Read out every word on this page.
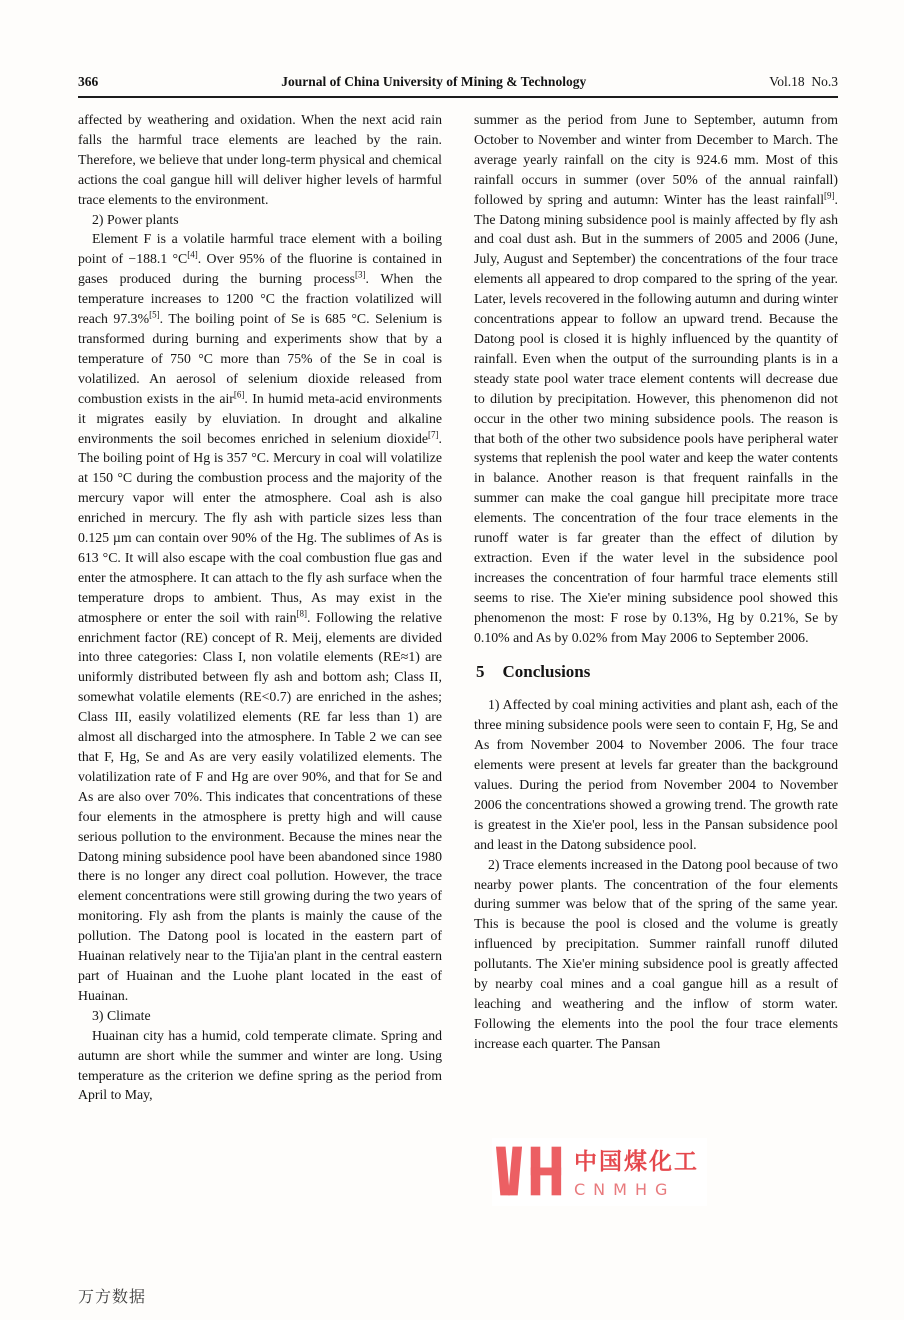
366	Journal of China University of Mining & Technology	Vol.18  No.3

affected by weathering and oxidation. When the next acid rain falls the harmful trace elements are leached by the rain. Therefore, we believe that under long-term physical and chemical actions the coal gangue hill will deliver higher levels of harmful trace elements to the environment.

2) Power plants

Element F is a volatile harmful trace element with a boiling point of −188.1 °C[4]. Over 95% of the fluorine is contained in gases produced during the burning process[3]. When the temperature increases to 1200 °C the fraction volatilized will reach 97.3%[5]. The boiling point of Se is 685 °C. Selenium is transformed during burning and experiments show that by a temperature of 750 °C more than 75% of the Se in coal is volatilized. An aerosol of selenium dioxide released from combustion exists in the air[6]. In humid meta-acid environments it migrates easily by eluviation. In drought and alkaline environments the soil becomes enriched in selenium dioxide[7]. The boiling point of Hg is 357 °C. Mercury in coal will volatilize at 150 °C during the combustion process and the majority of the mercury vapor will enter the atmosphere. Coal ash is also enriched in mercury. The fly ash with particle sizes less than 0.125 µm can contain over 90% of the Hg. The sublimes of As is 613 °C. It will also escape with the coal combustion flue gas and enter the atmosphere. It can attach to the fly ash surface when the temperature drops to ambient. Thus, As may exist in the atmosphere or enter the soil with rain[8]. Following the relative enrichment factor (RE) concept of R. Meij, elements are divided into three categories: Class I, non volatile elements (RE≈1) are uniformly distributed between fly ash and bottom ash; Class II, somewhat volatile elements (RE<0.7) are enriched in the ashes; Class III, easily volatilized elements (RE far less than 1) are almost all discharged into the atmosphere. In Table 2 we can see that F, Hg, Se and As are very easily volatilized elements. The volatilization rate of F and Hg are over 90%, and that for Se and As are also over 70%. This indicates that concentrations of these four elements in the atmosphere is pretty high and will cause serious pollution to the environment. Because the mines near the Datong mining subsidence pool have been abandoned since 1980 there is no longer any direct coal pollution. However, the trace element concentrations were still growing during the two years of monitoring. Fly ash from the plants is mainly the cause of the pollution. The Datong pool is located in the eastern part of Huainan relatively near to the Tijia'an plant in the central eastern part of Huainan and the Luohe plant located in the east of Huainan.

3) Climate

Huainan city has a humid, cold temperate climate. Spring and autumn are short while the summer and winter are long. Using temperature as the criterion we define spring as the period from April to May,

summer as the period from June to September, autumn from October to November and winter from December to March. The average yearly rainfall on the city is 924.6 mm. Most of this rainfall occurs in summer (over 50% of the annual rainfall) followed by spring and autumn: Winter has the least rainfall[9]. The Datong mining subsidence pool is mainly affected by fly ash and coal dust ash. But in the summers of 2005 and 2006 (June, July, August and September) the concentrations of the four trace elements all appeared to drop compared to the spring of the year. Later, levels recovered in the following autumn and during winter concentrations appear to follow an upward trend. Because the Datong pool is closed it is highly influenced by the quantity of rainfall. Even when the output of the surrounding plants is in a steady state pool water trace element contents will decrease due to dilution by precipitation. However, this phenomenon did not occur in the other two mining subsidence pools. The reason is that both of the other two subsidence pools have peripheral water systems that replenish the pool water and keep the water contents in balance. Another reason is that frequent rainfalls in the summer can make the coal gangue hill precipitate more trace elements. The concentration of the four trace elements in the runoff water is far greater than the effect of dilution by extraction. Even if the water level in the subsidence pool increases the concentration of four harmful trace elements still seems to rise. The Xie'er mining subsidence pool showed this phenomenon the most: F rose by 0.13%, Hg by 0.21%, Se by 0.10% and As by 0.02% from May 2006 to September 2006.

5 Conclusions

1) Affected by coal mining activities and plant ash, each of the three mining subsidence pools were seen to contain F, Hg, Se and As from November 2004 to November 2006. The four trace elements were present at levels far greater than the background values. During the period from November 2004 to November 2006 the concentrations showed a growing trend. The growth rate is greatest in the Xie'er pool, less in the Pansan subsidence pool and least in the Datong subsidence pool.

2) Trace elements increased in the Datong pool because of two nearby power plants. The concentration of the four elements during summer was below that of the spring of the same year. This is because the pool is closed and the volume is greatly influenced by precipitation. Summer rainfall runoff diluted pollutants. The Xie'er mining subsidence pool is greatly affected by nearby coal mines and a coal gangue hill as a result of leaching and weathering and the inflow of storm water. Following the elements into the pool the four trace elements increase each quarter. The Pansan

中国煤化工
CNMHG
万方数据
